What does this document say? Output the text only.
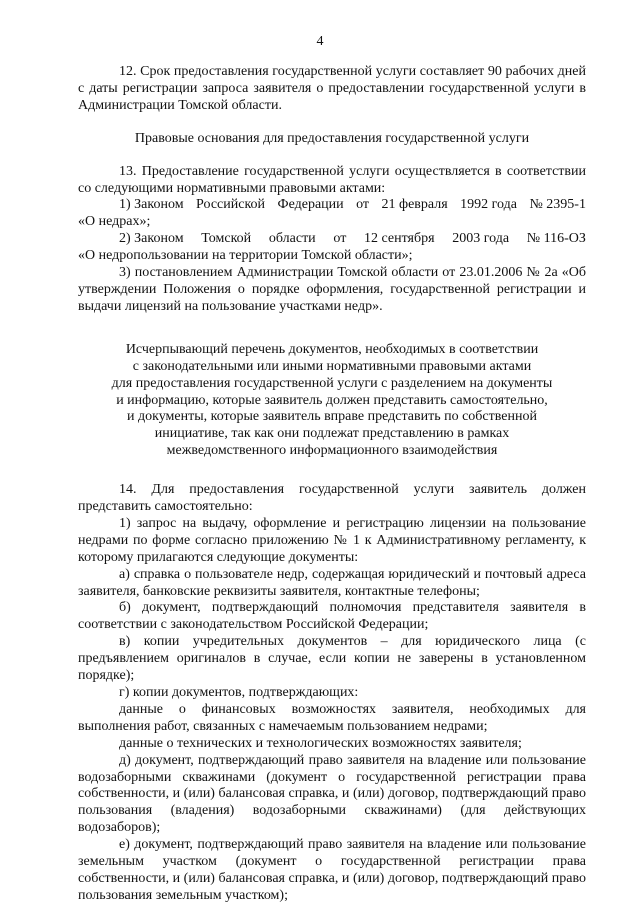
4

12. Срок предоставления государственной услуги составляет 90 рабочих дней с даты регистрации запроса заявителя о предоставлении государственной услуги в Администрации Томской области.

Правовые основания для предоставления государственной услуги

13. Предоставление государственной услуги осуществляется в соответствии со следующими нормативными правовыми актами:

1) Законом Российской Федерации от 21 февраля 1992 года № 2395-1
«О недрах»;
2) Законом Томской области от 12 сентября 2003 года № 116-ОЗ
«О недропользовании на территории Томской области»;

3) постановлением Администрации Томской области от 23.01.2006 № 2а «Об утверждении Положения о порядке оформления, государственной регистрации и выдачи лицензий на пользование участками недр».

Исчерпывающий перечень документов, необходимых в соответствии

с законодательными или иными нормативными правовыми актами

для предоставления государственной услуги с разделением на документы

и информацию, которые заявитель должен представить самостоятельно,

и документы, которые заявитель вправе представить по собственной

инициативе, так как они подлежат представлению в рамках

межведомственного информационного взаимодействия

14. Для предоставления государственной услуги заявитель должен представить самостоятельно:

1) запрос на выдачу, оформление и регистрацию лицензии на пользование недрами по форме согласно приложению № 1 к Административному регламенту, к которому прилагаются следующие документы:

а) справка о пользователе недр, содержащая юридический и почтовый адреса заявителя, банковские реквизиты заявителя, контактные телефоны;

б) документ, подтверждающий полномочия представителя заявителя в соответствии с законодательством Российской Федерации;

в) копии учредительных документов – для юридического лица (с предъявлением оригиналов в случае, если копии не заверены в установленном порядке);

г) копии документов, подтверждающих:

данные о финансовых возможностях заявителя, необходимых для выполнения работ, связанных с намечаемым пользованием недрами;

данные о технических и технологических возможностях заявителя;

д) документ, подтверждающий право заявителя на владение или пользование водозаборными скважинами (документ о государственной регистрации права собственности, и (или) балансовая справка, и (или) договор, подтверждающий право пользования (владения) водозаборными скважинами) (для действующих водозаборов);

е) документ, подтверждающий право заявителя на владение или пользование земельным участком (документ о государственной регистрации права собственности, и (или) балансовая справка, и (или) договор, подтверждающий право пользования земельным участком);
